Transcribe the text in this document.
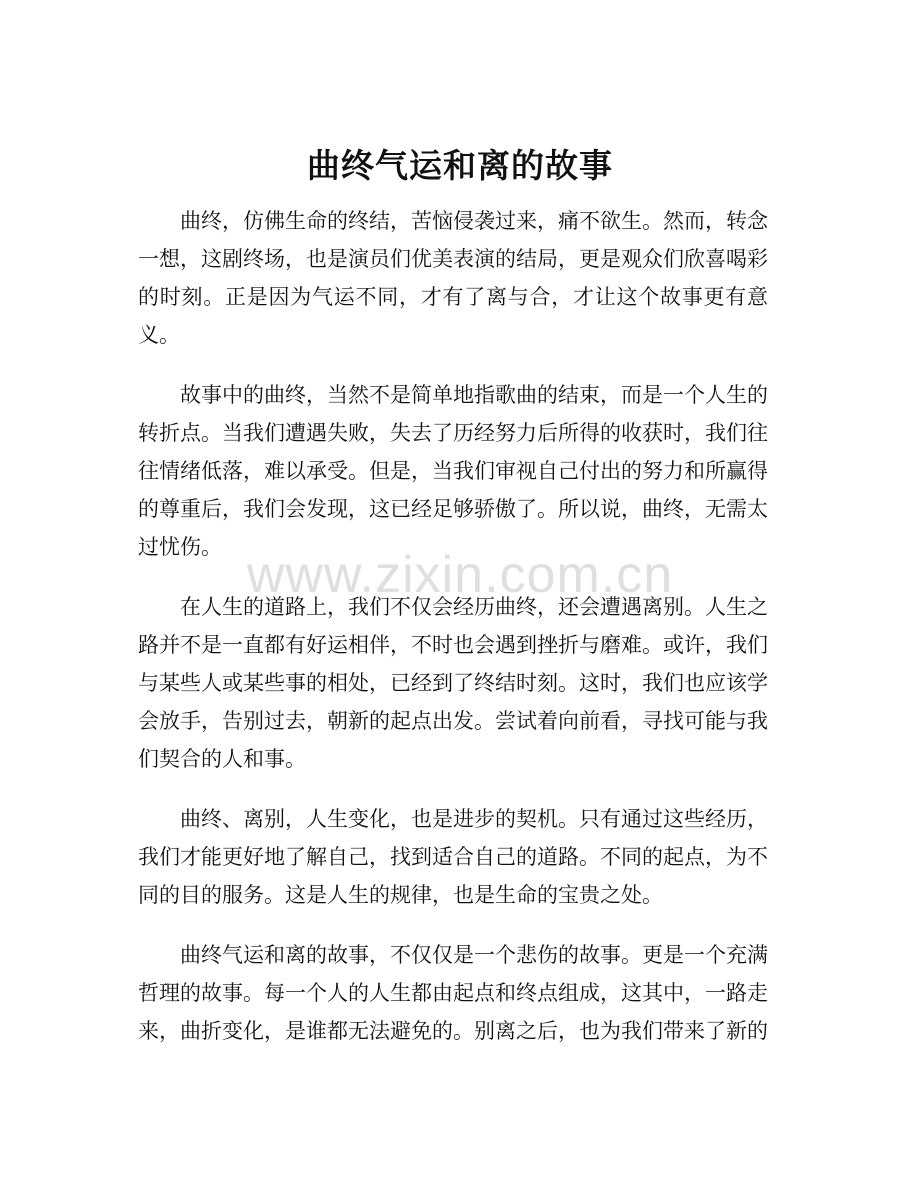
曲终气运和离的故事

曲终，仿佛生命的终结，苦恼侵袭过来，痛不欲生。然而，转念一想，这剧终场，也是演员们优美表演的结局，更是观众们欣喜喝彩的时刻。正是因为气运不同，才有了离与合，才让这个故事更有意义。

故事中的曲终，当然不是简单地指歌曲的结束，而是一个人生的转折点。当我们遭遇失败，失去了历经努力后所得的收获时，我们往往情绪低落，难以承受。但是，当我们审视自己付出的努力和所赢得的尊重后，我们会发现，这已经足够骄傲了。所以说，曲终，无需太过忧伤。

在人生的道路上，我们不仅会经历曲终，还会遭遇离别。人生之路并不是一直都有好运相伴，不时也会遇到挫折与磨难。或许，我们与某些人或某些事的相处，已经到了终结时刻。这时，我们也应该学会放手，告别过去，朝新的起点出发。尝试着向前看，寻找可能与我们契合的人和事。

曲终、离别，人生变化，也是进步的契机。只有通过这些经历，我们才能更好地了解自己，找到适合自己的道路。不同的起点，为不同的目的服务。这是人生的规律，也是生命的宝贵之处。

曲终气运和离的故事，不仅仅是一个悲伤的故事。更是一个充满哲理的故事。每一个人的人生都由起点和终点组成，这其中，一路走来，曲折变化，是谁都无法避免的。别离之后，也为我们带来了新的

www.zixin.com.cn
